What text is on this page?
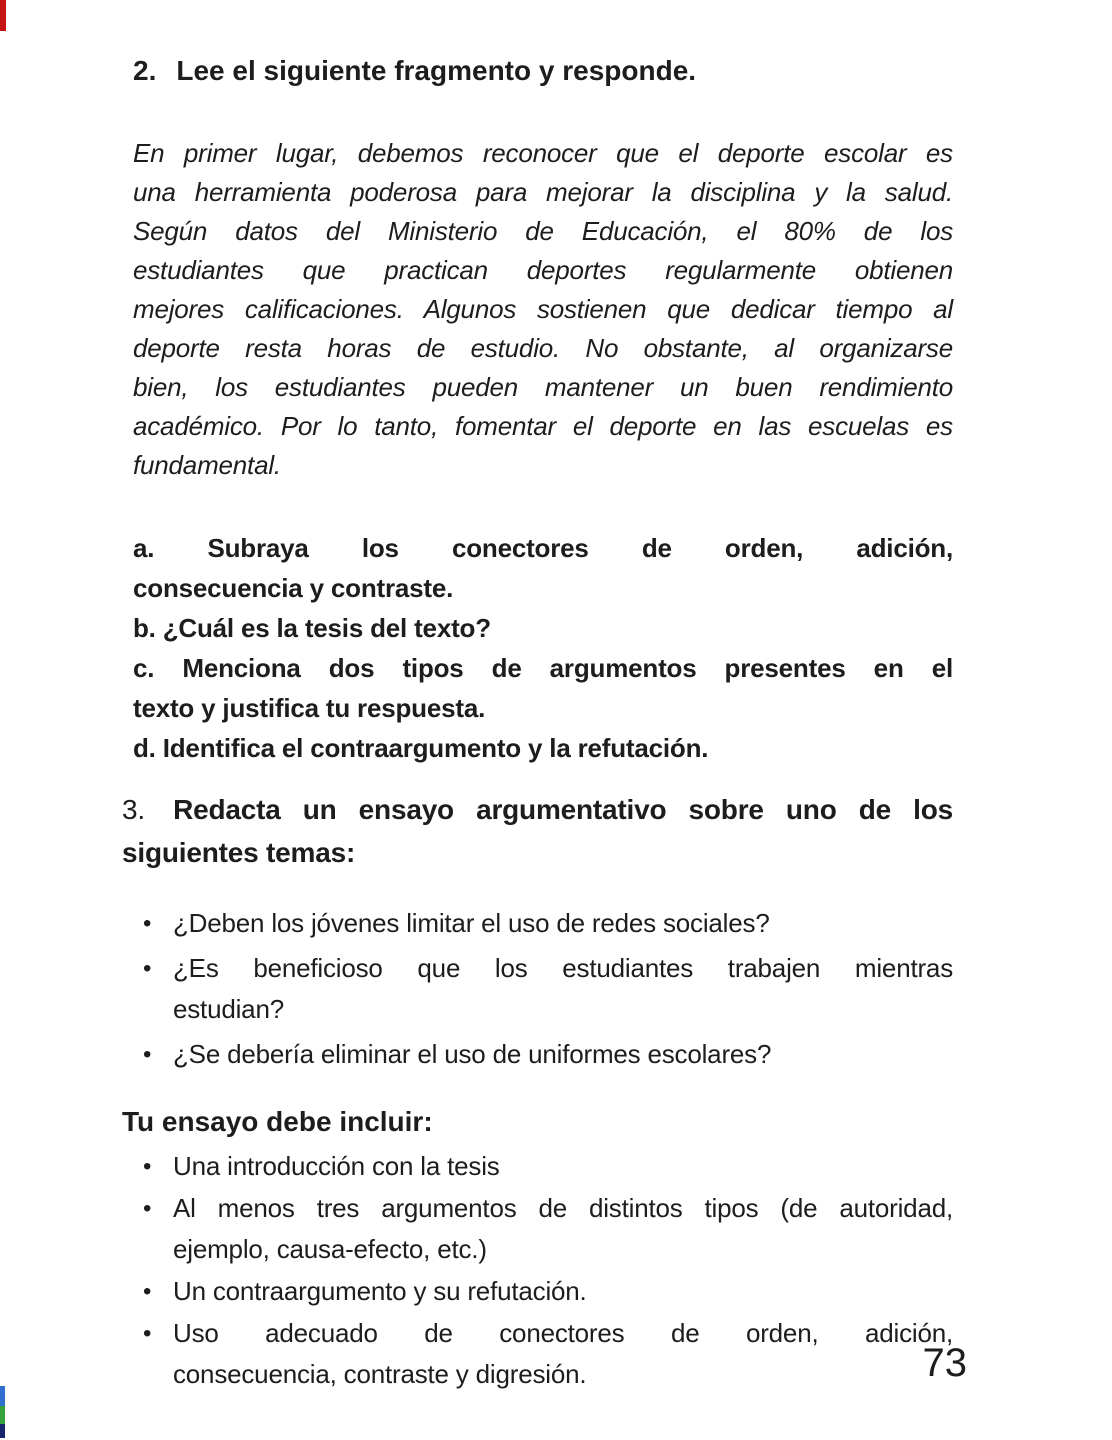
2. Lee el siguiente fragmento y responde.
En primer lugar, debemos reconocer que el deporte escolar es
una herramienta poderosa para mejorar la disciplina y la salud.
Según datos del Ministerio de Educación, el 80% de los
estudiantes que practican deportes regularmente obtienen
mejores calificaciones. Algunos sostienen que dedicar tiempo al
deporte resta horas de estudio. No obstante, al organizarse
bien, los estudiantes pueden mantener un buen rendimiento
académico. Por lo tanto, fomentar el deporte en las escuelas es
fundamental.
a. Subraya los conectores de orden, adición,
consecuencia y contraste.
b. ¿Cuál es la tesis del texto?
c. Menciona dos tipos de argumentos presentes en el
texto y justifica tu respuesta.
d. Identifica el contraargumento y la refutación.
3. Redacta un ensayo argumentativo sobre uno de los
siguientes temas:
• ¿Deben los jóvenes limitar el uso de redes sociales?
• ¿Es beneficioso que los estudiantes trabajen mientras
estudian?
• ¿Se debería eliminar el uso de uniformes escolares?
Tu ensayo debe incluir:
• Una introducción con la tesis
• Al menos tres argumentos de distintos tipos (de autoridad,
ejemplo, causa-efecto, etc.)
• Un contraargumento y su refutación.
• Uso adecuado de conectores de orden, adición,
consecuencia, contraste y digresión.	73
